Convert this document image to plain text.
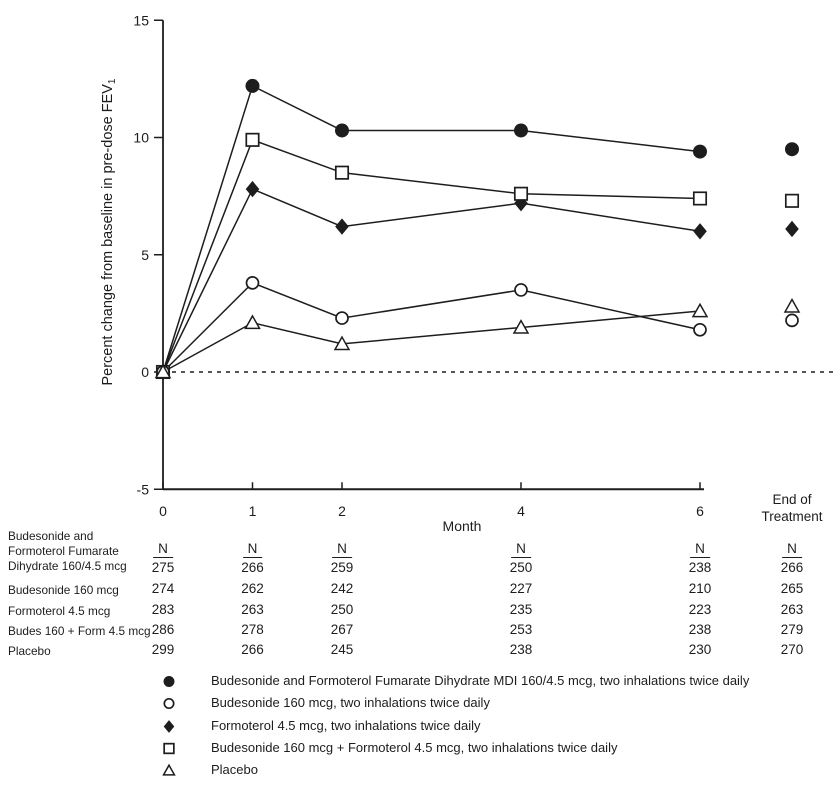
15
10
5
0
-5
0	1	2	4	6
Percent change from baseline in pre-dose $FEV_1$
Month
End of
Treatment
N	N	N	N	N	N
Budesonide and
Formoterol Fumarate
Dihydrate 160/4.5 mcg 275	266	259	250	238	266
Budesonide 160 mcg 274	262	242	227	210	265
Formoterol 4.5 mcg	283	263	250	235	223	263
Budes 160 + Form 4.5 mcg 286	278	267	253	238	279
Placebo	299	266	245	238	230	270
Budesonide and Formoterol Fumarate Dihydrate MDI 160/4.5 mcg, two inhalations twice daily
Budesonide 160 mcg, two inhalations twice daily
Formoterol 4.5 mcg, two inhalations twice daily
Budesonide 160 mcg + Formoterol 4.5 mcg, two inhalations twice daily
Placebo
